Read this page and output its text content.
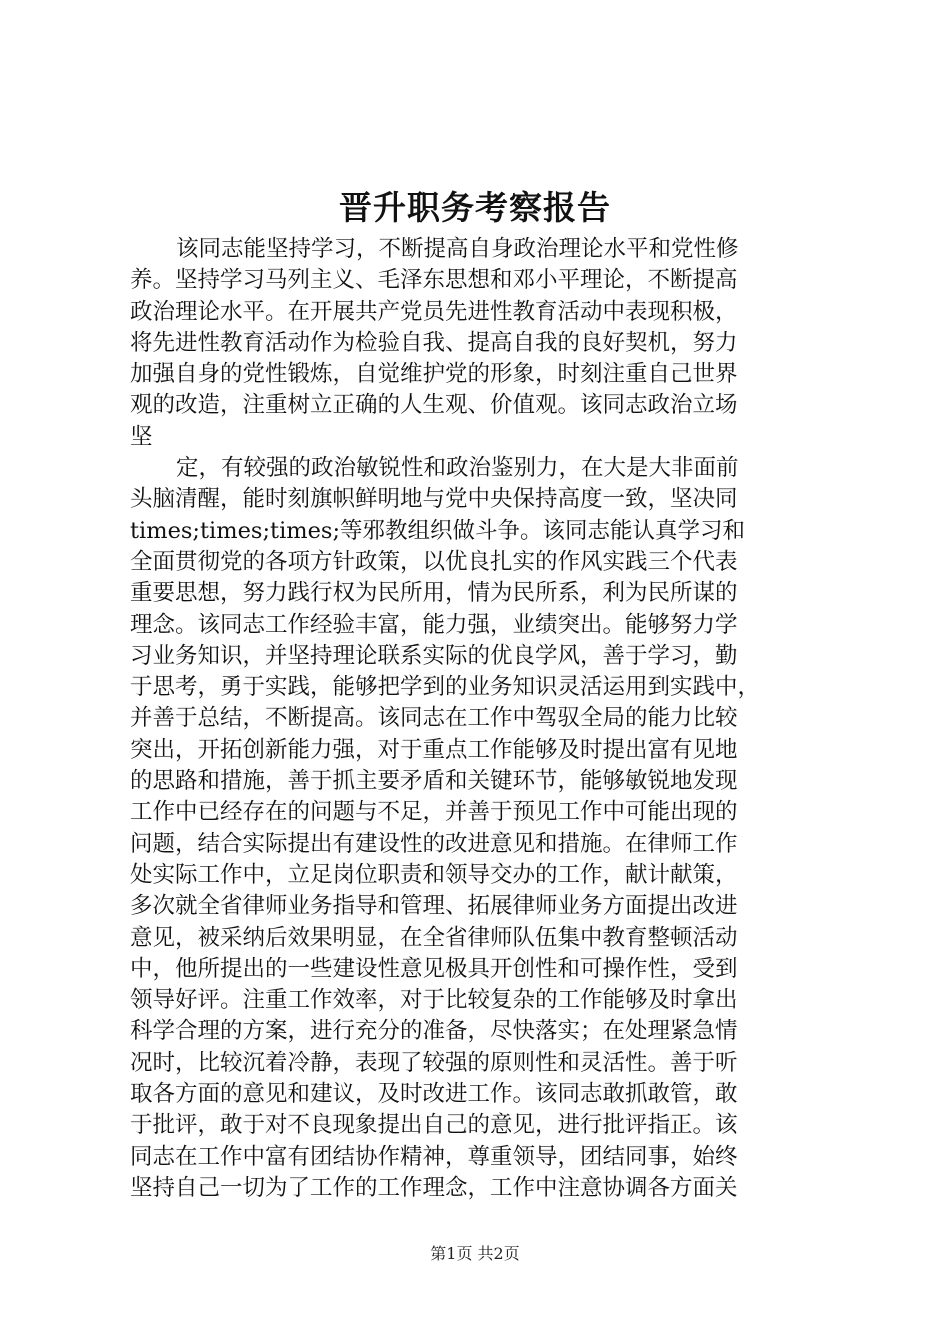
晋升职务考察报告
该同志能坚持学习，不断提高自身政治理论水平和党性修
养。坚持学习马列主义、毛泽东思想和邓小平理论，不断提高
政治理论水平。在开展共产党员先进性教育活动中表现积极，
将先进性教育活动作为检验自我、提高自我的良好契机，努力
加强自身的党性锻炼，自觉维护党的形象，时刻注重自己世界
观的改造，注重树立正确的人生观、价值观。该同志政治立场
坚
定，有较强的政治敏锐性和政治鉴别力，在大是大非面前
头脑清醒，能时刻旗帜鲜明地与党中央保持高度一致，坚决同
times;times;times;等邪教组织做斗争。该同志能认真学习和
全面贯彻党的各项方针政策，以优良扎实的作风实践三个代表
重要思想，努力践行权为民所用，情为民所系，利为民所谋的
理念。该同志工作经验丰富，能力强，业绩突出。能够努力学
习业务知识，并坚持理论联系实际的优良学风，善于学习，勤
于思考，勇于实践，能够把学到的业务知识灵活运用到实践中，
并善于总结，不断提高。该同志在工作中驾驭全局的能力比较
突出，开拓创新能力强，对于重点工作能够及时提出富有见地
的思路和措施，善于抓主要矛盾和关键环节，能够敏锐地发现
工作中已经存在的问题与不足，并善于预见工作中可能出现的
问题，结合实际提出有建设性的改进意见和措施。在律师工作
处实际工作中，立足岗位职责和领导交办的工作，献计献策，
多次就全省律师业务指导和管理、拓展律师业务方面提出改进
意见，被采纳后效果明显，在全省律师队伍集中教育整顿活动
中，他所提出的一些建设性意见极具开创性和可操作性，受到
领导好评。注重工作效率，对于比较复杂的工作能够及时拿出
科学合理的方案，进行充分的准备，尽快落实；在处理紧急情
况时，比较沉着冷静，表现了较强的原则性和灵活性。善于听
取各方面的意见和建议，及时改进工作。该同志敢抓敢管，敢
于批评，敢于对不良现象提出自己的意见，进行批评指正。该
同志在工作中富有团结协作精神，尊重领导，团结同事，始终
坚持自己一切为了工作的工作理念，工作中注意协调各方面关
第1页 共2页
